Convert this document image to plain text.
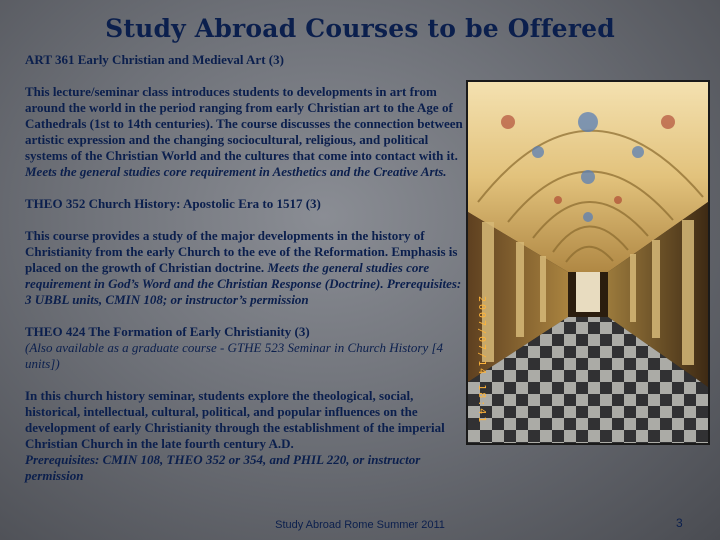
Study Abroad Courses to be Offered

ART 361 Early Christian and Medieval Art (3)

This lecture/seminar class introduces students to developments in art from around the world in the period ranging from early Christian art to the Age of Cathedrals (1st to 14th centuries). The course discusses the connection between artistic expression and the changing sociocultural, religious, and political systems of the Christian World and the cultures that come into contact with it. Meets the general studies core requirement in Aesthetics and the Creative Arts.

THEO 352 Church History: Apostolic Era to 1517 (3)

This course provides a study of the major developments in the history of Christianity from the early Church to the eve of the Reformation. Emphasis is placed on the growth of Christian doctrine. Meets the general studies core requirement in God’s Word and the Christian Response (Doctrine). Prerequisites: 3 UBBL units, CMIN 108; or instructor’s permission

THEO 424 The Formation of Early Christianity (3)

(Also available as a graduate course - GTHE 523 Seminar in Church History [4 units])

In this church history seminar, students explore the theological, social, historical, intellectual, cultural, political, and popular influences on the development of early Christianity through the establishment of the imperial Christian Church in the late fourth century A.D.

Prerequisites: CMIN 108, THEO 352 or 354, and PHIL 220, or instructor permission

2007/07/14 18:41
Study Abroad Rome Summer 2011	3
